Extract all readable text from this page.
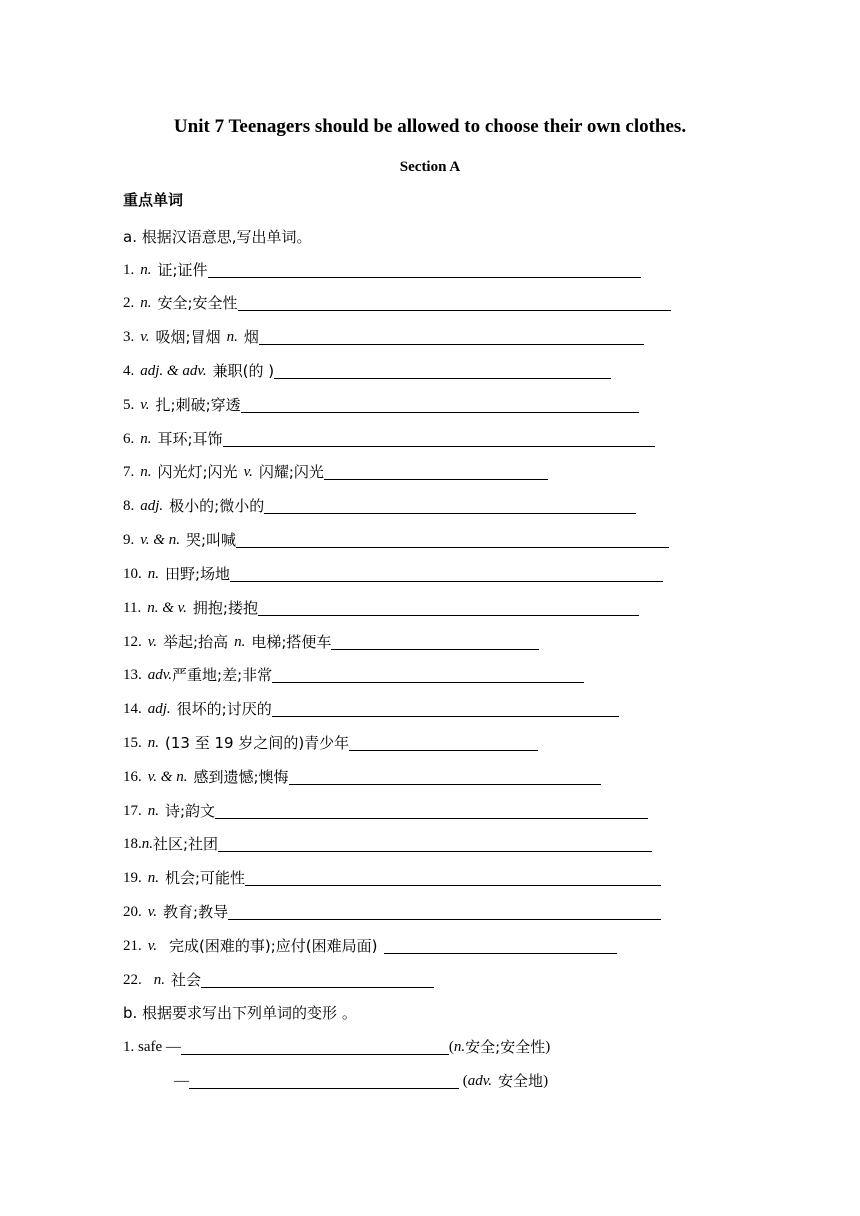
Unit 7 Teenagers should be allowed to choose their own clothes.
Section A
重点单词
a. 根据汉语意思,写出单词。
1. n. 证;证件
2. n. 安全;安全性
3. v. 吸烟;冒烟 n. 烟
4. adj. & adv. 兼职(的 )
5. v. 扎;刺破;穿透
6. n. 耳环;耳饰
7. n. 闪光灯;闪光 v. 闪耀;闪光
8. adj. 极小的;微小的
9. v. & n. 哭;叫喊
10. n. 田野;场地
11. n. & v. 拥抱;搂抱
12. v. 举起;抬高 n. 电梯;搭便车
13. adv. 严重地;差;非常
14. adj. 很坏的;讨厌的
15. n. (13 至 19 岁之间的)青少年
16. v. & n. 感到遗憾;懊悔
17. n. 诗;韵文
18. n. 社区;社团
19. n. 机会;可能性
20. v. 教育;教导
21. v. 完成(困难的事);应付(困难局面)
22. n. 社会
b. 根据要求写出下列单词的变形 。
1. safe —	( n. 安全;安全性 )
—	( adv. 安全地 )
